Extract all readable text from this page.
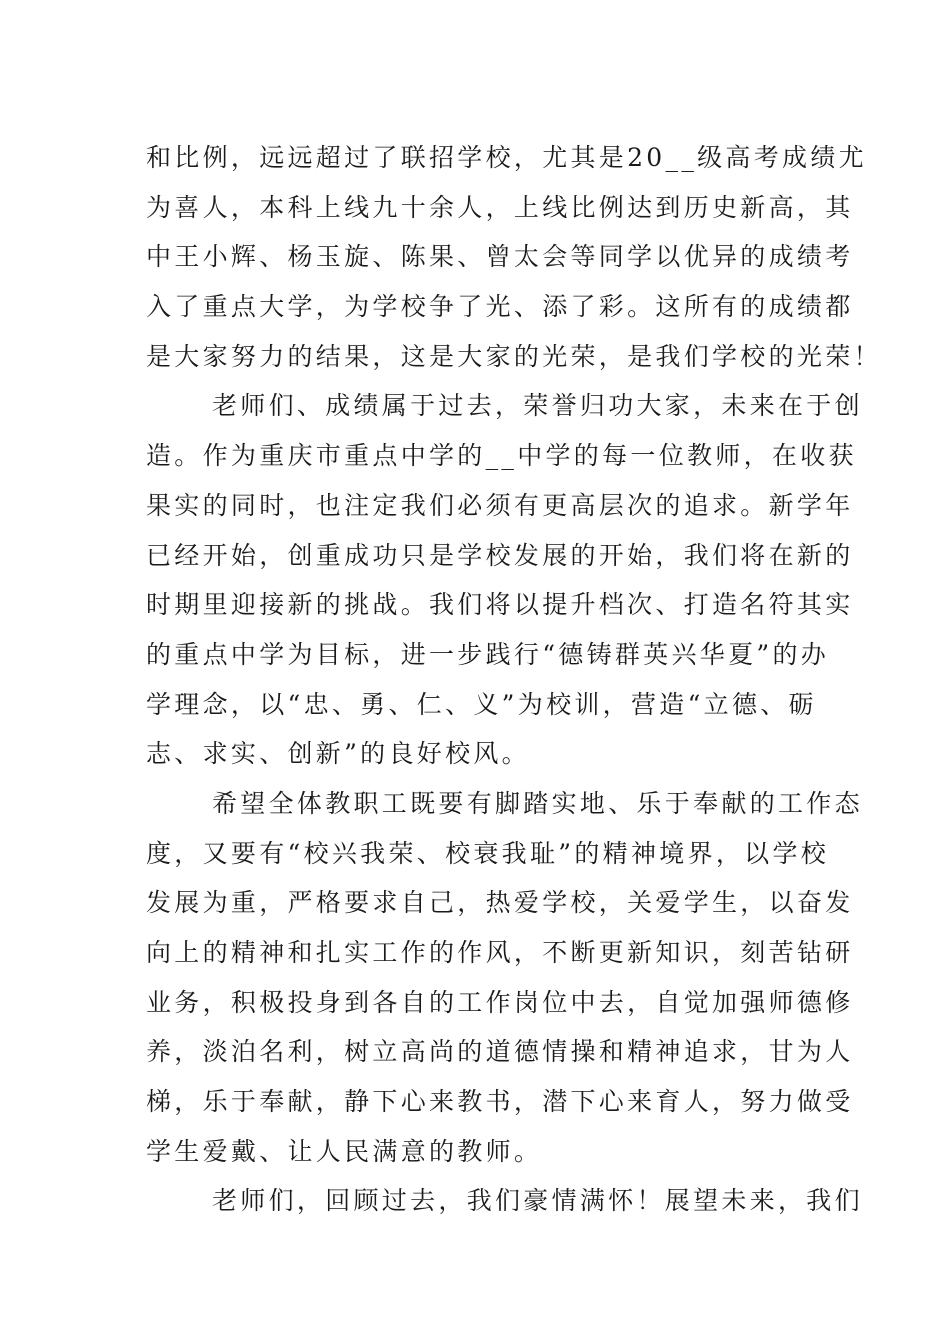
和比例，远远超过了联招学校，尤其是20__级高考成绩尤
为喜人，本科上线九十余人，上线比例达到历史新高，其
中王小辉、杨玉旋、陈果、曾太会等同学以优异的成绩考
入了重点大学，为学校争了光、添了彩。这所有的成绩都
是大家努力的结果，这是大家的光荣，是我们学校的光荣！

老师们、成绩属于过去，荣誉归功大家，未来在于创
造。作为重庆市重点中学的__中学的每一位教师，在收获
果实的同时，也注定我们必须有更高层次的追求。新学年
已经开始，创重成功只是学校发展的开始，我们将在新的
时期里迎接新的挑战。我们将以提升档次、打造名符其实
的重点中学为目标，进一步践行“德铸群英兴华夏”的办
学理念，以“忠、勇、仁、义”为校训，营造“立德、砺
志、求实、创新”的良好校风。

希望全体教职工既要有脚踏实地、乐于奉献的工作态
度，又要有“校兴我荣、校衰我耻”的精神境界，以学校
发展为重，严格要求自己，热爱学校，关爱学生，以奋发
向上的精神和扎实工作的作风，不断更新知识，刻苦钻研
业务，积极投身到各自的工作岗位中去，自觉加强师德修
养，淡泊名利，树立高尚的道德情操和精神追求，甘为人
梯，乐于奉献，静下心来教书，潜下心来育人，努力做受
学生爱戴、让人民满意的教师。

老师们，回顾过去，我们豪情满怀！展望未来，我们
